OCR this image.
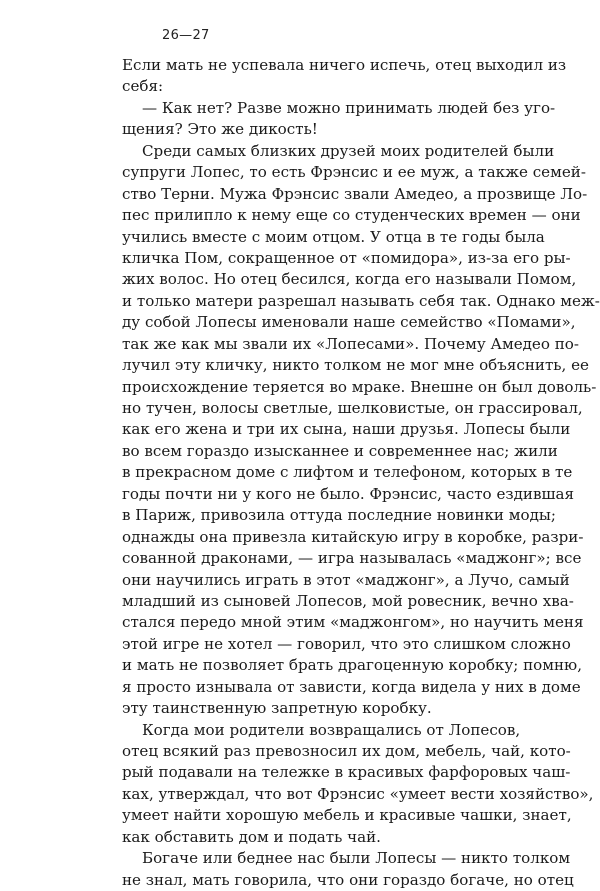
26—27
Если мать не успевала ничего испечь, отец выходил из
себя:
— Как нет? Разве можно принимать людей без уго-
щения? Это же дикость!
Среди самых близких друзей моих родителей были
супруги Лопес, то есть Фрэнсис и ее муж, а также семей-
ство Терни. Мужа Фрэнсис звали Амедео, а прозвище Ло-
пес прилипло к нему еще со студенческих времен — они
учились вместе с моим отцом. У отца в те годы была
кличка Пом, сокращенное от «помидора», из-за его ры-
жих волос. Но отец бесился, когда его называли Помом,
и только матери разрешал называть себя так. Однако меж-
ду собой Лопесы именовали наше семейство «Помами»,
так же как мы звали их «Лопесами». Почему Амедео по-
лучил эту кличку, никто толком не мог мне объяснить, ее
происхождение теряется во мраке. Внешне он был доволь-
но тучен, волосы светлые, шелковистые, он грассировал,
как его жена и три их сына, наши друзья. Лопесы были
во всем гораздо изысканнее и современнее нас; жили
в прекрасном доме с лифтом и телефоном, которых в те
годы почти ни у кого не было. Фрэнсис, часто ездившая
в Париж, привозила оттуда последние новинки моды;
однажды она привезла китайскую игру в коробке, разри-
сованной драконами, — игра называлась «маджонг»; все
они научились играть в этот «маджонг», а Лучо, самый
младший из сыновей Лопесов, мой ровесник, вечно хва-
стался передо мной этим «маджонгом», но научить меня
этой игре не хотел — говорил, что это слишком сложно
и мать не позволяет брать драгоценную коробку; помню,
я просто изнывала от зависти, когда видела у них в доме
эту таинственную запретную коробку.
Когда мои родители возвращались от Лопесов,
отец всякий раз превозносил их дом, мебель, чай, кото-
рый подавали на тележке в красивых фарфоровых чаш-
ках, утверждал, что вот Фрэнсис «умеет вести хозяйство»,
умеет найти хорошую мебель и красивые чашки, знает,
как обставить дом и подать чай.
Богаче или беднее нас были Лопесы — никто толком
не знал, мать говорила, что они гораздо богаче, но отец
